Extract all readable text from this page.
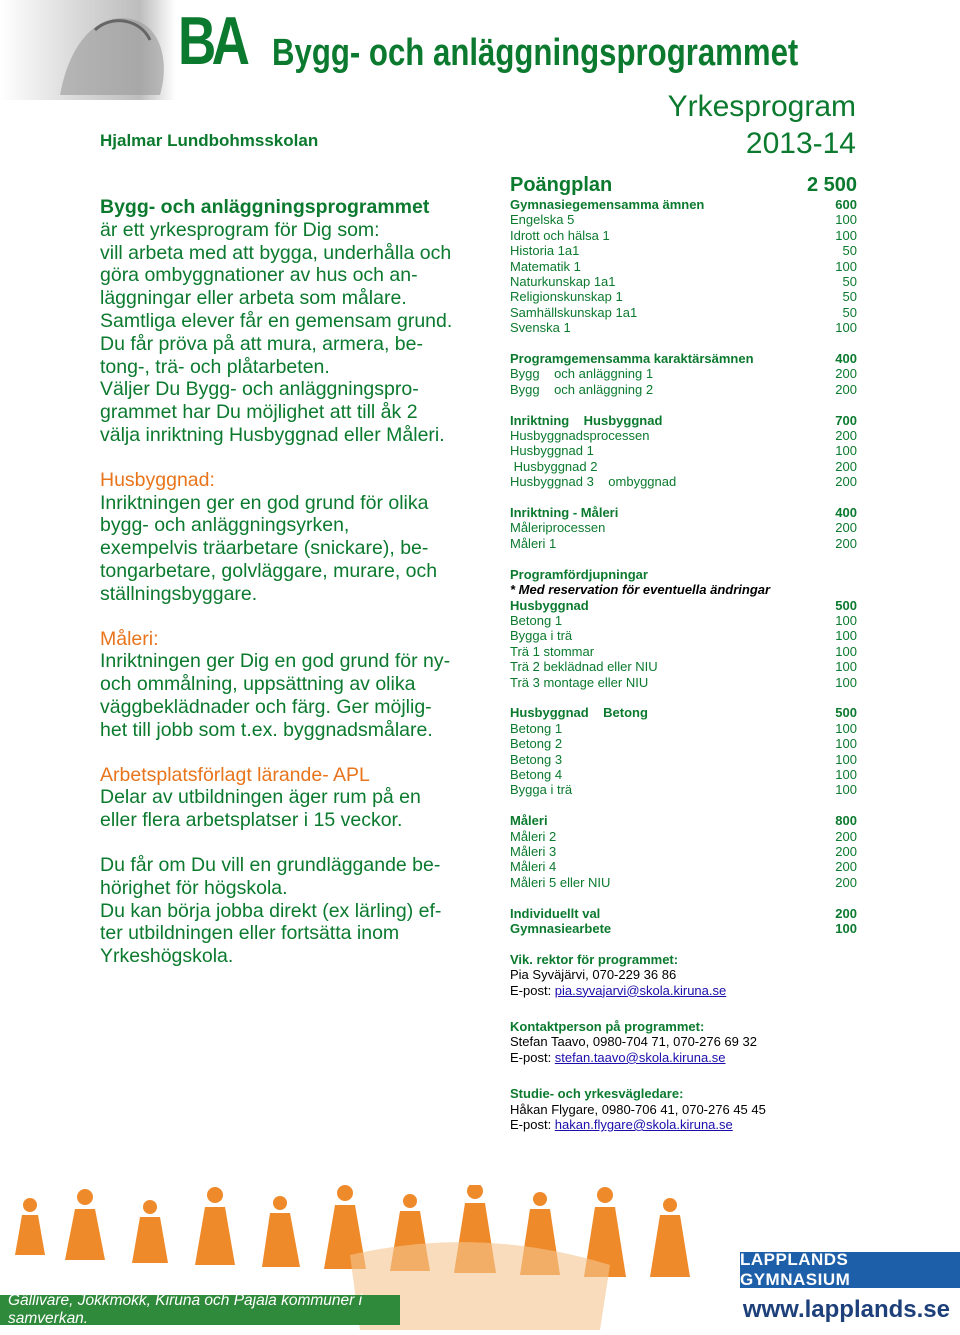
BA Bygg- och anläggningsprogrammet
Hjalmar Lundbohmsskolan
Yrkesprogram
2013-14

Bygg- och anläggningsprogrammet
är ett yrkesprogram för Dig som:
vill arbeta med att bygga, underhålla och
göra ombyggnationer av hus och an-
läggningar eller arbeta som målare.
Samtliga elever får en gemensam grund.
Du får pröva på att mura, armera, be-
tong-, trä- och plåtarbeten.
Väljer Du Bygg- och anläggningspro-
grammet har Du möjlighet att till åk 2
välja inriktning Husbyggnad eller Måleri.

Husbyggnad:
Inriktningen ger en god grund för olika
bygg- och anläggningsyrken,
exempelvis träarbetare (snickare), be-
tongarbetare, golvläggare, murare, och
ställningsbyggare.

Måleri:
Inriktningen ger Dig en god grund för ny-
och ommålning, uppsättning av olika
väggbeklädnader och färg. Ger möjlig-
het till jobb som t.ex. byggnadsmålare.

Arbetsplatsförlagt lärande- APL
Delar av utbildningen äger rum på en
eller flera arbetsplatser i 15 veckor.

Du får om Du vill en grundläggande be-
hörighet för högskola.
Du kan börja jobba direkt (ex lärling) ef-
ter utbildningen eller fortsätta inom
Yrkeshögskola.

Poängplan	2 500
Gymnasiegemensamma ämnen	600
Engelska 5	100
Idrott och hälsa 1	100
Historia 1a1	50
Matematik 1	100
Naturkunskap 1a1	50
Religionskunskap 1	50
Samhällskunskap 1a1	50
Svenska 1	100
Programgemensamma karaktärsämnen	400
Bygg    och anläggning 1	200
Bygg    och anläggning 2	200
Inriktning    Husbyggnad	700
Husbyggnadsprocessen	200
Husbyggnad 1	100
Husbyggnad 2	200
Husbyggnad 3    ombyggnad	200
Inriktning - Måleri	400
Måleriprocessen	200
Måleri 1	200
Programfördjupningar
* Med reservation för eventuella ändringar
Husbyggnad	500
Betong 1	100
Bygga i trä	100
Trä 1 stommar	100
Trä 2 beklädnad eller NIU	100
Trä 3 montage eller NIU	100
Husbyggnad    Betong	500
Betong 1	100
Betong 2	100
Betong 3	100
Betong 4	100
Bygga i trä	100
Måleri	800
Måleri 2	200
Måleri 3	200
Måleri 4	200
Måleri 5 eller NIU	200
Individuellt val	200
Gymnasiearbete	100
Vik. rektor för programmet:
Pia Syväjärvi, 070-229 36 86
E-post: pia.syvajarvi@skola.kiruna.se
Kontaktperson på programmet:
Stefan Taavo, 0980-704 71, 070-276 69 32
E-post: stefan.taavo@skola.kiruna.se
Studie- och yrkesvägledare:
Håkan Flygare, 0980-706 41, 070-276 45 45
E-post: hakan.flygare@skola.kiruna.se
LAPPLANDS GYMNASIUM
Gällivare, Jokkmokk, Kiruna och Pajala kommuner i samverkan.	www.lapplands.se
